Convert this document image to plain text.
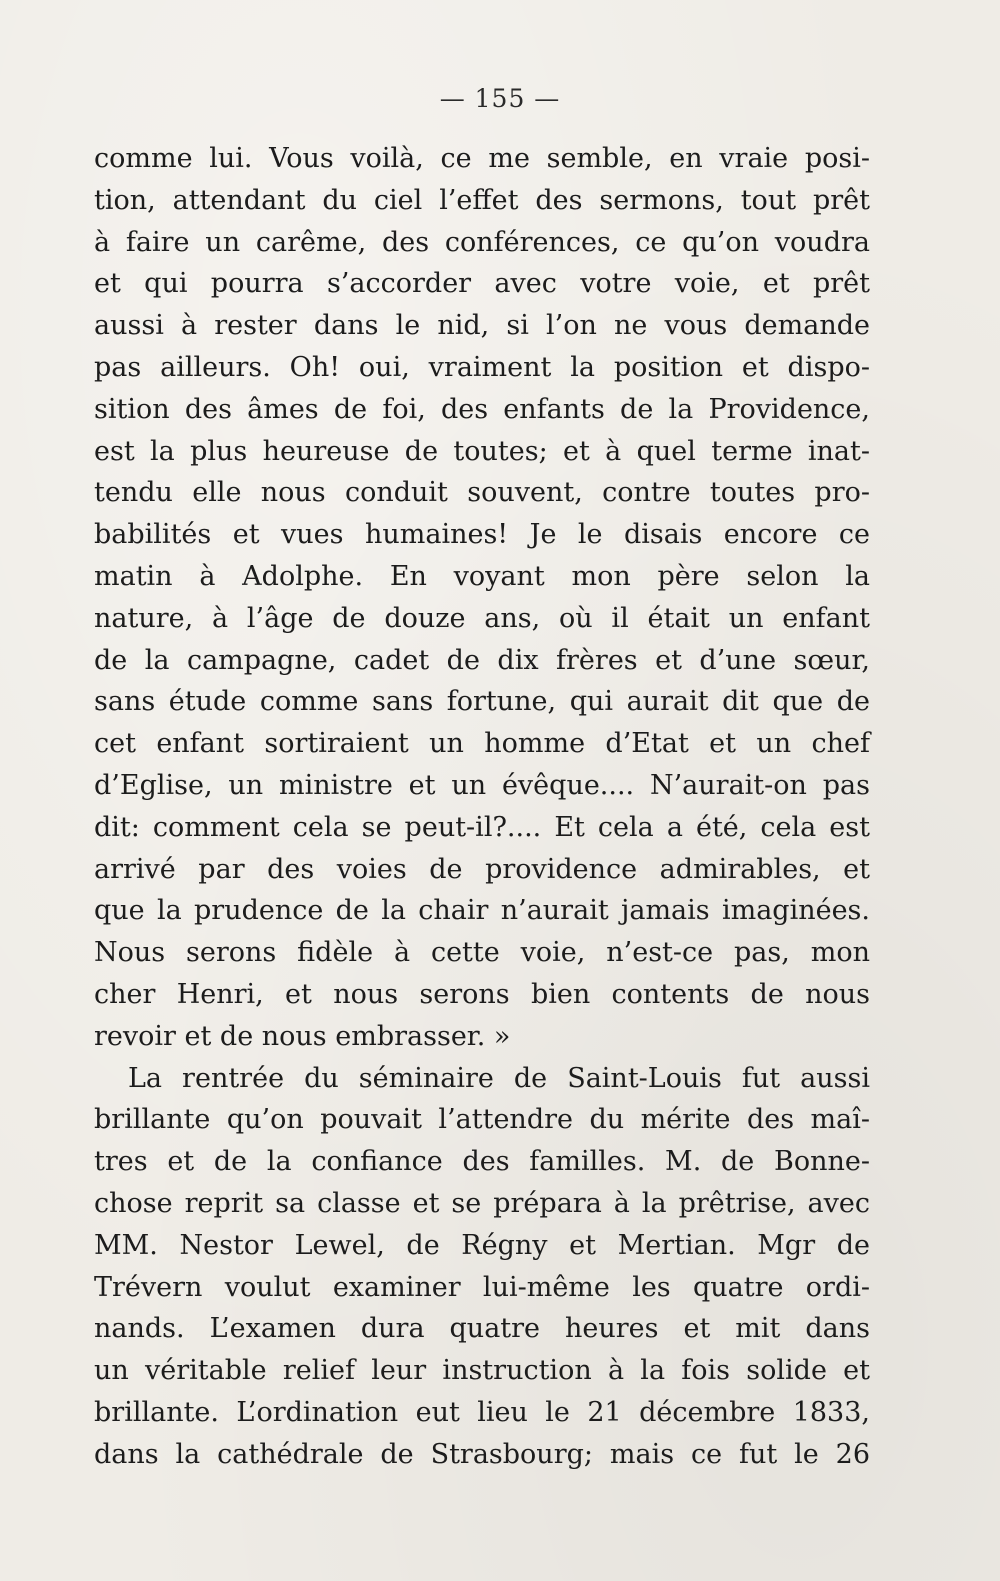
— 155 —
comme lui. Vous voilà, ce me semble, en vraie posi-
tion, attendant du ciel l’effet des sermons, tout prêt
à faire un carême, des conférences, ce qu’on voudra
et qui pourra s’accorder avec votre voie, et prêt
aussi à rester dans le nid, si l’on ne vous demande
pas ailleurs. Oh! oui, vraiment la position et dispo-
sition des âmes de foi, des enfants de la Providence,
est la plus heureuse de toutes; et à quel terme inat-
tendu elle nous conduit souvent, contre toutes pro-
babilités et vues humaines! Je le disais encore ce
matin à Adolphe. En voyant mon père selon la
nature, à l’âge de douze ans, où il était un enfant
de la campagne, cadet de dix frères et d’une sœur,
sans étude comme sans fortune, qui aurait dit que de
cet enfant sortiraient un homme d’Etat et un chef
d’Eglise, un ministre et un évêque.... N’aurait-on pas
dit: comment cela se peut-il?.... Et cela a été, cela est
arrivé par des voies de providence admirables, et
que la prudence de la chair n’aurait jamais imaginées.
Nous serons fidèle à cette voie, n’est-ce pas, mon
cher Henri, et nous serons bien contents de nous
revoir et de nous embrasser. »
La rentrée du séminaire de Saint-Louis fut aussi
brillante qu’on pouvait l’attendre du mérite des maî-
tres et de la confiance des familles. M. de Bonne-
chose reprit sa classe et se prépara à la prêtrise, avec
MM. Nestor Lewel, de Régny et Mertian. Mgr de
Trévern voulut examiner lui-même les quatre ordi-
nands. L’examen dura quatre heures et mit dans
un véritable relief leur instruction à la fois solide et
brillante. L’ordination eut lieu le 21 décembre 1833,
dans la cathédrale de Strasbourg; mais ce fut le 26
